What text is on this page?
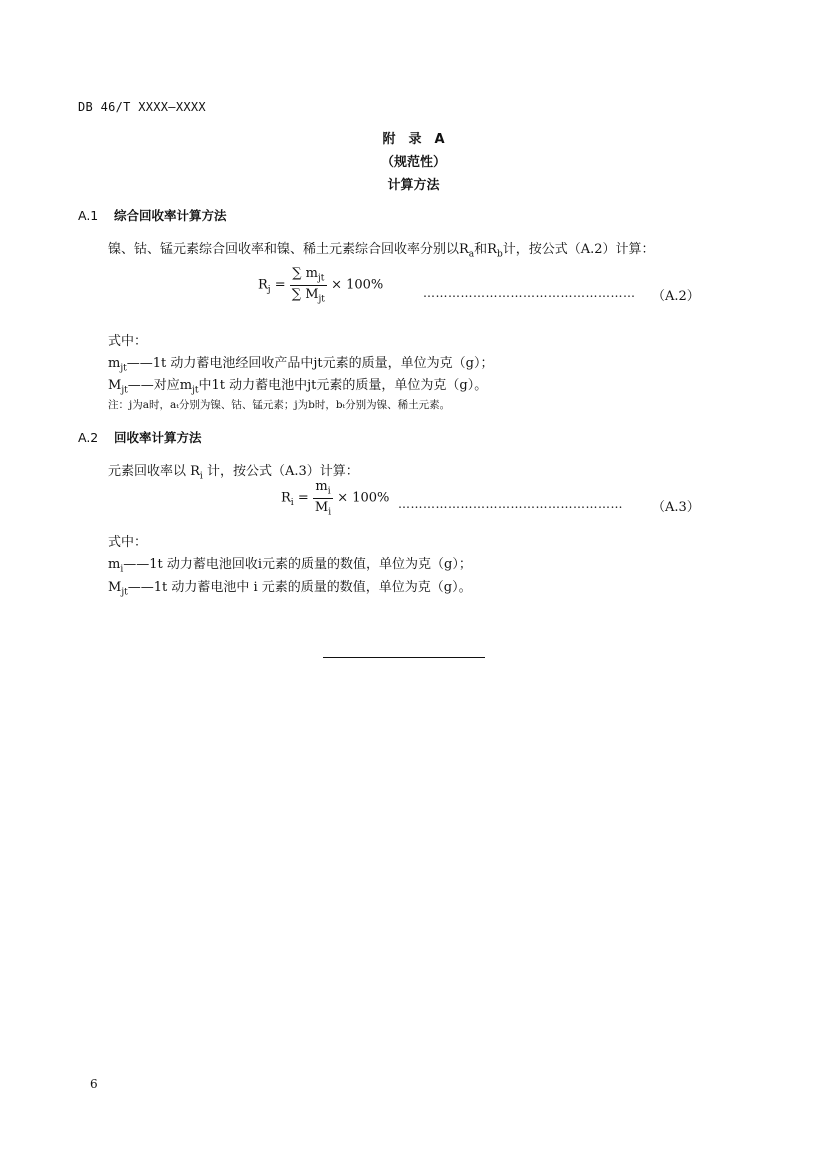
DB 46/T XXXX—XXXX
附　录　A
（规范性）
计算方法
A.1 综合回收率计算方法
镍、钴、锰元素综合回收率和镍、稀土元素综合回收率分别以$R_a$和$R_b$计，按公式（A.2）计算：
$R_j = \frac{\sum m_{jt}}{\sum M_{jt}} \times 100\%$
…………………………………………… （A.2）
式中：
$m_{jt}——1t$ 动力蓄电池经回收产品中jt元素的质量，单位为克（g）；
$M_{jt}——$对应$m_{jt}$中1t 动力蓄电池中jt元素的质量，单位为克（g）。
注：j为a时，aₜ分别为镍、钴、锰元素；j为b时，bₜ分别为镍、稀土元素。
A.2 回收率计算方法
元素回收率以 $R_i$ 计，按公式（A.3）计算：
$R_i = \frac{m_i}{M_i} \times 100\%$ ……………………………………………… （A.3）
式中：
$m_i——1t$ 动力蓄电池回收i元素的质量的数值，单位为克（g）；
$M_{jt}——1t$ 动力蓄电池中 i 元素的质量的数值，单位为克（g）。
6
